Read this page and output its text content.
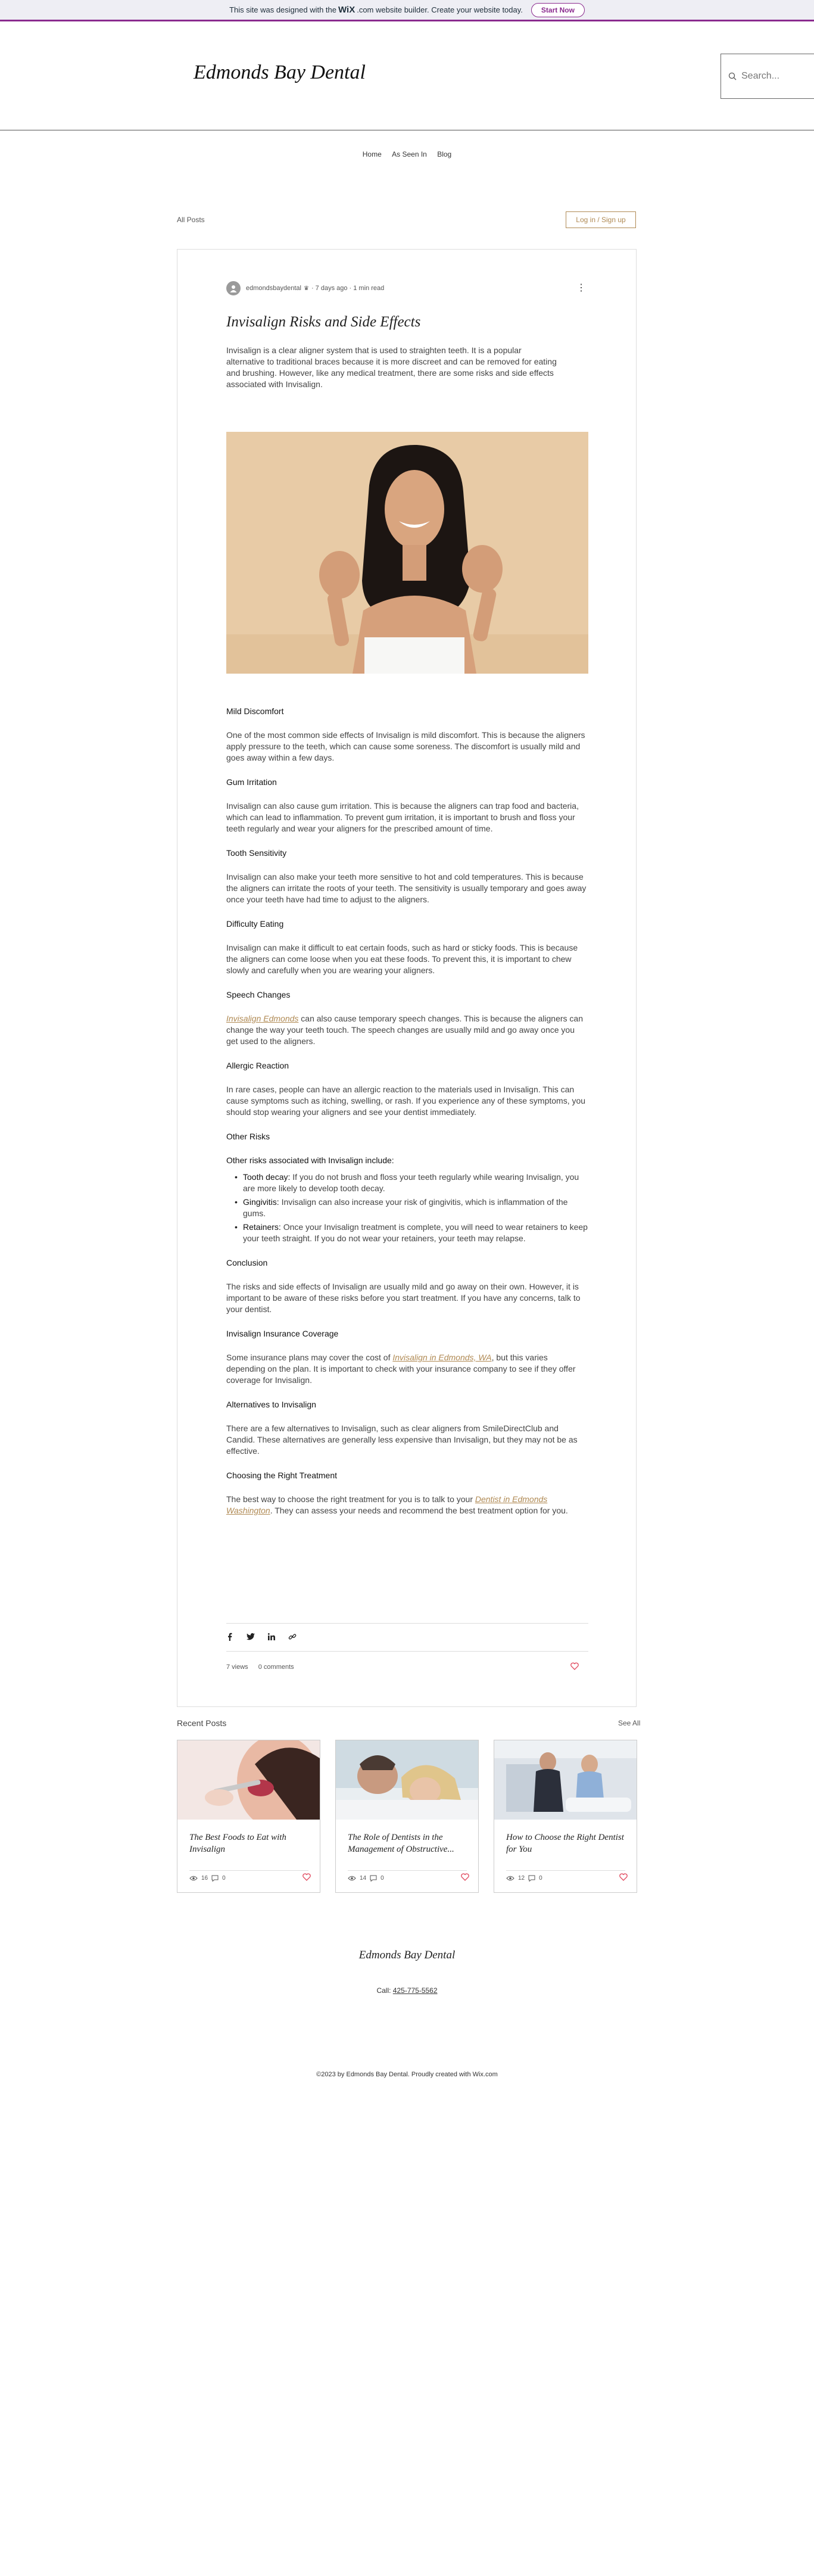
This site was designed with the WiX .com website builder. Create your website today.	Start Now
Edmonds Bay Dental	Search...
Home As Seen In Blog
All Posts	Log in / Sign up
edmondsbaydental ♛ · 7 days ago · 1 min read	⋮
Invisalign Risks and Side Effects
Invisalign is a clear aligner system that is used to straighten teeth. It is a popular alternative to traditional braces because it is more discreet and can be removed for eating and brushing. However, like any medical treatment, there are some risks and side effects associated with Invisalign.
Mild Discomfort

One of the most common side effects of Invisalign is mild discomfort. This is because the aligners apply pressure to the teeth, which can cause some soreness. The discomfort is usually mild and goes away within a few days.

Gum Irritation

Invisalign can also cause gum irritation. This is because the aligners can trap food and bacteria, which can lead to inflammation. To prevent gum irritation, it is important to brush and floss your teeth regularly and wear your aligners for the prescribed amount of time.

Tooth Sensitivity

Invisalign can also make your teeth more sensitive to hot and cold temperatures. This is because the aligners can irritate the roots of your teeth. The sensitivity is usually temporary and goes away once your teeth have had time to adjust to the aligners.

Difficulty Eating

Invisalign can make it difficult to eat certain foods, such as hard or sticky foods. This is because the aligners can come loose when you eat these foods. To prevent this, it is important to chew slowly and carefully when you are wearing your aligners.

Speech Changes

Invisalign Edmonds can also cause temporary speech changes. This is because the aligners can change the way your teeth touch. The speech changes are usually mild and go away once you get used to the aligners.

Allergic Reaction

In rare cases, people can have an allergic reaction to the materials used in Invisalign. This can cause symptoms such as itching, swelling, or rash. If you experience any of these symptoms, you should stop wearing your aligners and see your dentist immediately.

Other Risks
Other risks associated with Invisalign include:
• Tooth decay: If you do not brush and floss your teeth regularly while wearing Invisalign, you are more likely to develop tooth decay.
• Gingivitis: Invisalign can also increase your risk of gingivitis, which is inflammation of the gums.
• Retainers: Once your Invisalign treatment is complete, you will need to wear retainers to keep your teeth straight. If you do not wear your retainers, your teeth may relapse.
Conclusion

The risks and side effects of Invisalign are usually mild and go away on their own. However, it is important to be aware of these risks before you start treatment. If you have any concerns, talk to your dentist.

Invisalign Insurance Coverage

Some insurance plans may cover the cost of Invisalign in Edmonds, WA, but this varies depending on the plan. It is important to check with your insurance company to see if they offer coverage for Invisalign.

Alternatives to Invisalign

There are a few alternatives to Invisalign, such as clear aligners from SmileDirectClub and Candid. These alternatives are generally less expensive than Invisalign, but they may not be as effective.

Choosing the Right Treatment

The best way to choose the right treatment for you is to talk to your Dentist in Edmonds Washington. They can assess your needs and recommend the best treatment option for you.

7 views 0 comments
Recent Posts	See All
The Best Foods to Eat with Invisalign
16 0
The Role of Dentists in the Management of Obstructive...
14 0
How to Choose the Right Dentist for You
12 0
Edmonds Bay Dental
Call: 425-775-5562
©2023 by Edmonds Bay Dental. Proudly created with Wix.com
